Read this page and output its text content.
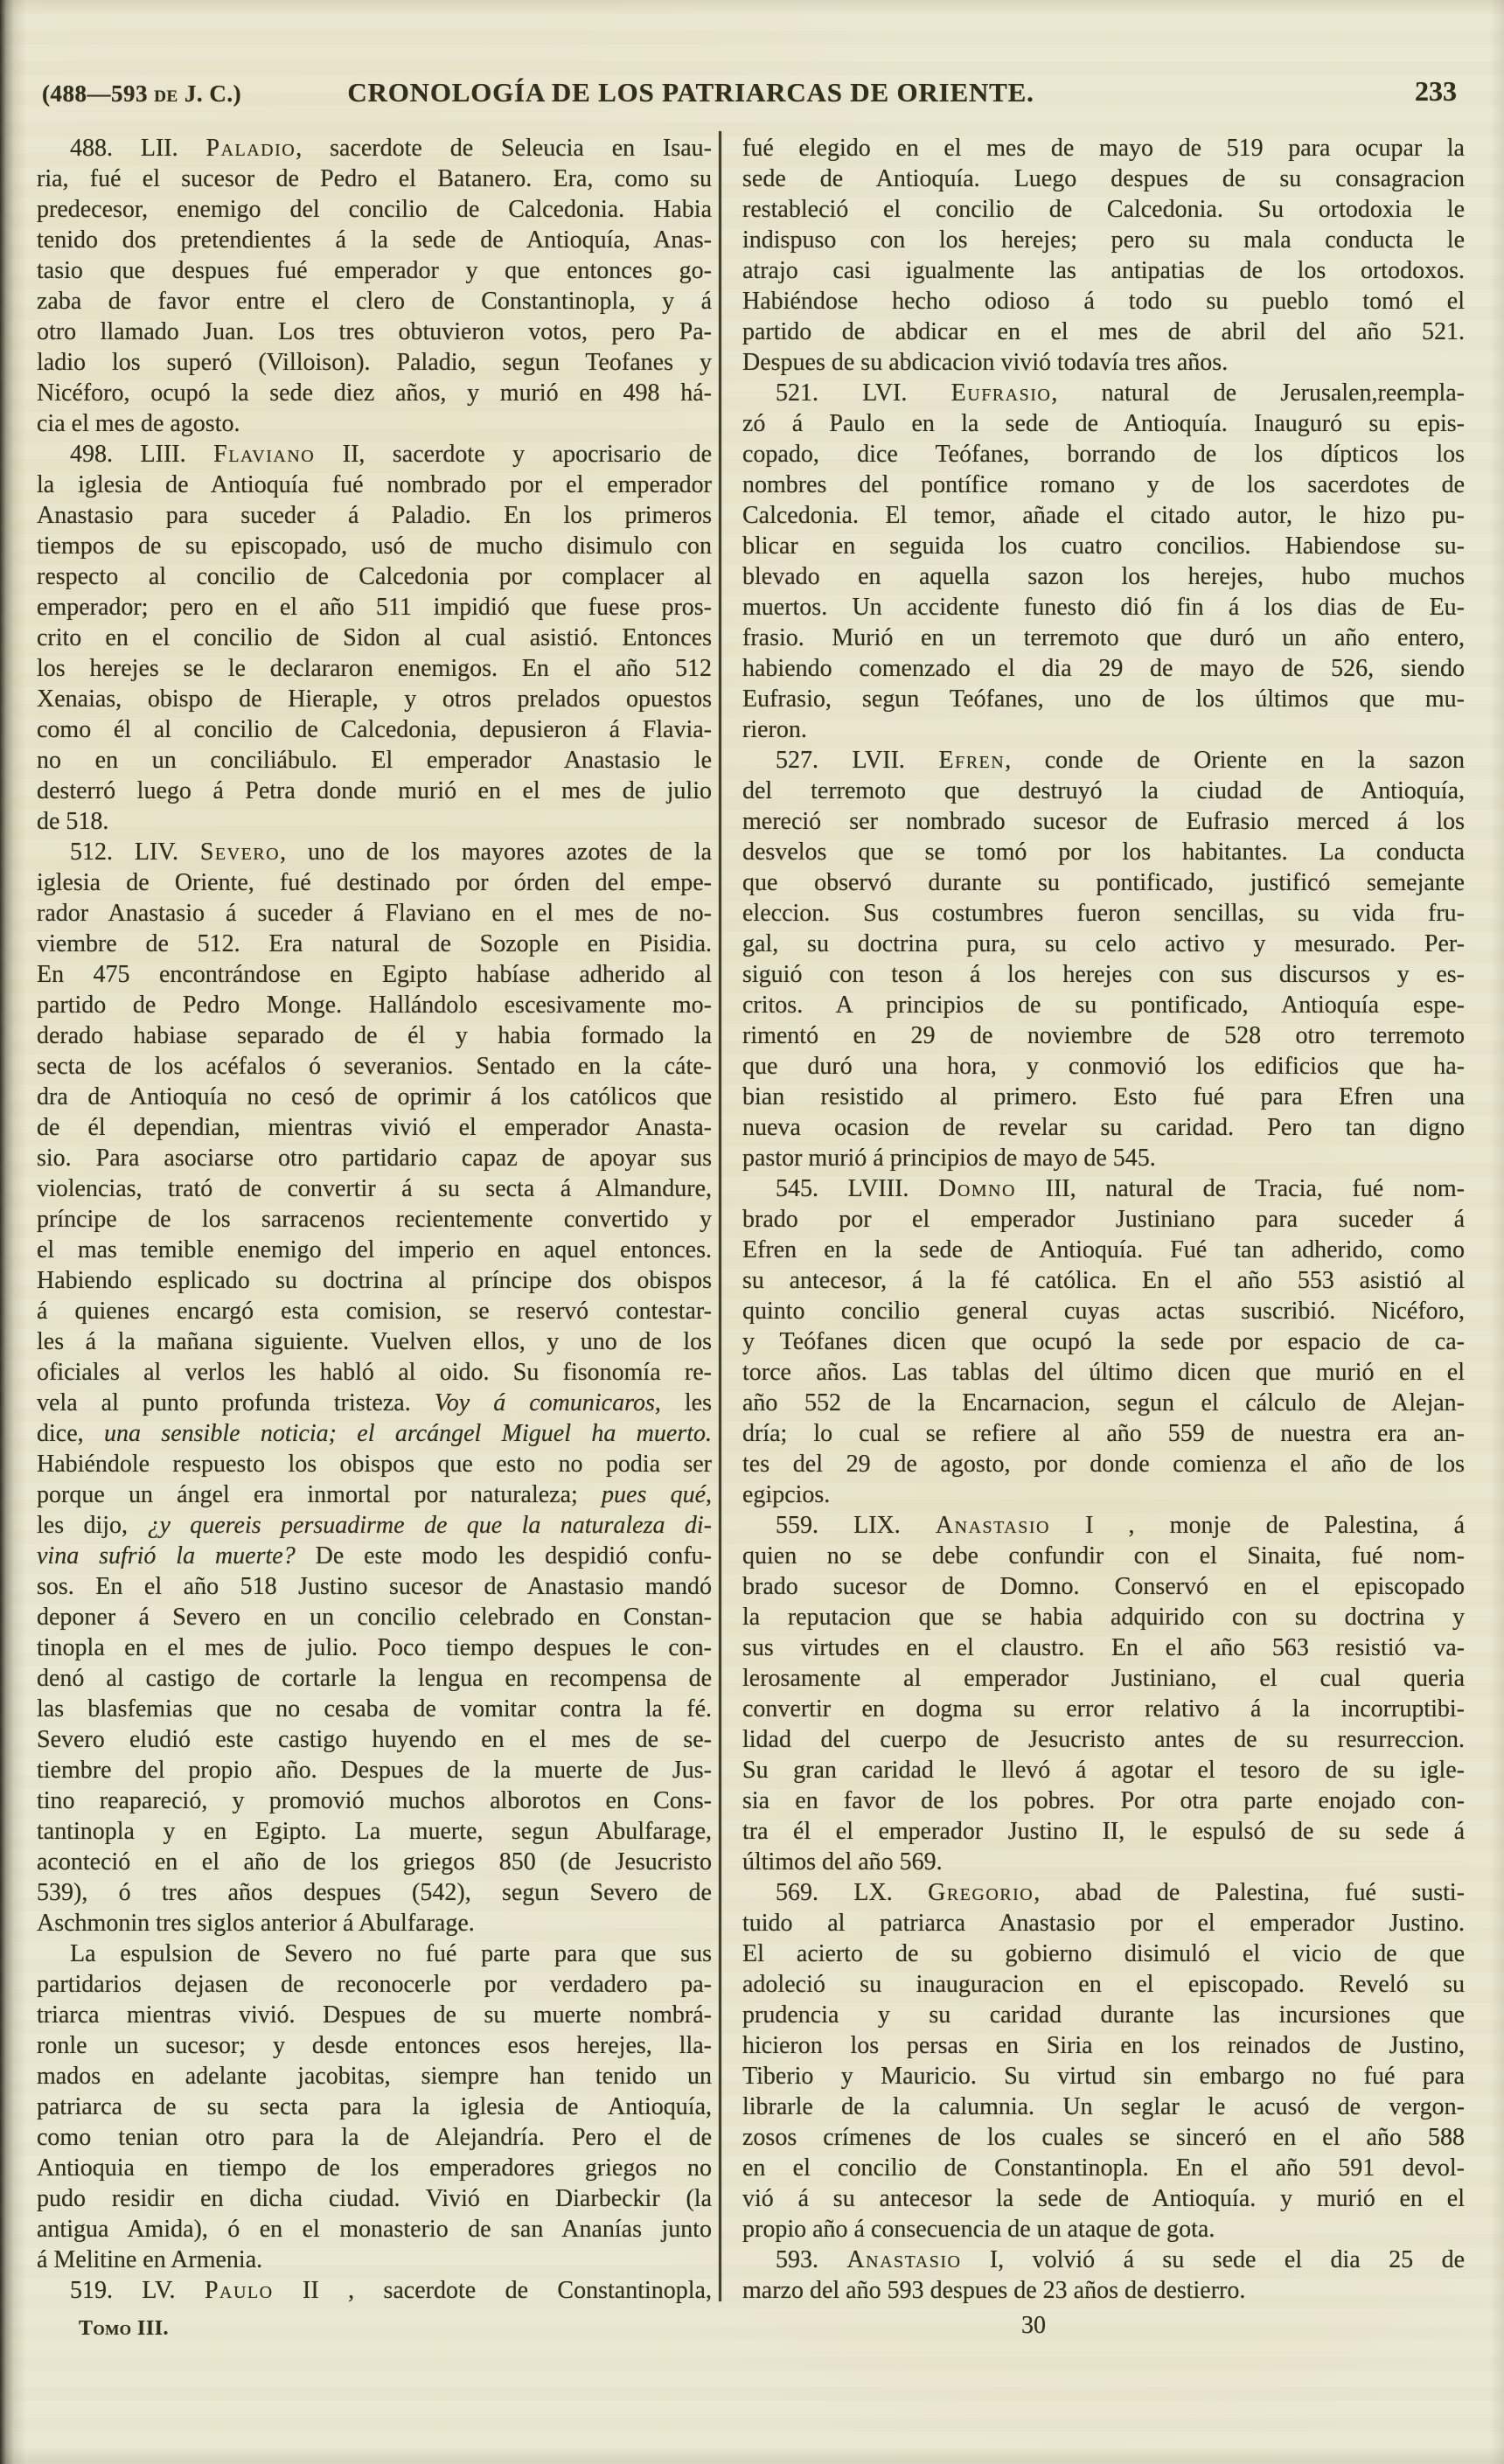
(488—593 de J. C.)	CRONOLOGÍA DE LOS PATRIARCAS DE ORIENTE.	233
488. LII. Paladio, sacerdote de Seleucia en Isau-
ria, fué el sucesor de Pedro el Batanero. Era, como su
predecesor, enemigo del concilio de Calcedonia. Habia
tenido dos pretendientes á la sede de Antioquía, Anas-
tasio que despues fué emperador y que entonces go-
zaba de favor entre el clero de Constantinopla, y á
otro llamado Juan. Los tres obtuvieron votos, pero Pa-
ladio los superó (Villoison). Paladio, segun Teofanes y
Nicéforo, ocupó la sede diez años, y murió en 498 há-
cia el mes de agosto.
498. LIII. Flaviano II, sacerdote y apocrisario de
la iglesia de Antioquía fué nombrado por el emperador
Anastasio para suceder á Paladio. En los primeros
tiempos de su episcopado, usó de mucho disimulo con
respecto al concilio de Calcedonia por complacer al
emperador; pero en el año 511 impidió que fuese pros-
crito en el concilio de Sidon al cual asistió. Entonces
los herejes se le declararon enemigos. En el año 512
Xenaias, obispo de Hieraple, y otros prelados opuestos
como él al concilio de Calcedonia, depusieron á Flavia-
no en un conciliábulo. El emperador Anastasio le
desterró luego á Petra donde murió en el mes de julio
de 518.
512. LIV. Severo, uno de los mayores azotes de la
iglesia de Oriente, fué destinado por órden del empe-
rador Anastasio á suceder á Flaviano en el mes de no-
viembre de 512. Era natural de Sozople en Pisidia.
En 475 encontrándose en Egipto habíase adherido al
partido de Pedro Monge. Hallándolo escesivamente mo-
derado habiase separado de él y habia formado la
secta de los acéfalos ó severanios. Sentado en la cáte-
dra de Antioquía no cesó de oprimir á los católicos que
de él dependian, mientras vivió el emperador Anasta-
sio. Para asociarse otro partidario capaz de apoyar sus
violencias, trató de convertir á su secta á Almandure,
príncipe de los sarracenos recientemente convertido y
el mas temible enemigo del imperio en aquel entonces.
Habiendo esplicado su doctrina al príncipe dos obispos
á quienes encargó esta comision, se reservó contestar-
les á la mañana siguiente. Vuelven ellos, y uno de los
oficiales al verlos les habló al oido. Su fisonomía re-
vela al punto profunda tristeza. Voy á comunicaros, les
dice, una sensible noticia; el arcángel Miguel ha muerto.
Habiéndole respuesto los obispos que esto no podia ser
porque un ángel era inmortal por naturaleza; pues qué,
les dijo, ¿y quereis persuadirme de que la naturaleza di-
vina sufrió la muerte? De este modo les despidió confu-
sos. En el año 518 Justino sucesor de Anastasio mandó
deponer á Severo en un concilio celebrado en Constan-
tinopla en el mes de julio. Poco tiempo despues le con-
denó al castigo de cortarle la lengua en recompensa de
las blasfemias que no cesaba de vomitar contra la fé.
Severo eludió este castigo huyendo en el mes de se-
tiembre del propio año. Despues de la muerte de Jus-
tino reapareció, y promovió muchos alborotos en Cons-
tantinopla y en Egipto. La muerte, segun Abulfarage,
aconteció en el año de los griegos 850 (de Jesucristo
539), ó tres años despues (542), segun Severo de
Aschmonin tres siglos anterior á Abulfarage.
La espulsion de Severo no fué parte para que sus
partidarios dejasen de reconocerle por verdadero pa-
triarca mientras vivió. Despues de su muerte nombrá-
ronle un sucesor; y desde entonces esos herejes, lla-
mados en adelante jacobitas, siempre han tenido un
patriarca de su secta para la iglesia de Antioquía,
como tenian otro para la de Alejandría. Pero el de
Antioquia en tiempo de los emperadores griegos no
pudo residir en dicha ciudad. Vivió en Diarbeckir (la
antigua Amida), ó en el monasterio de san Ananías junto
á Melitine en Armenia.
519. LV. Paulo II , sacerdote de Constantinopla,
fué elegido en el mes de mayo de 519 para ocupar la
sede de Antioquía. Luego despues de su consagracion
restableció el concilio de Calcedonia. Su ortodoxia le
indispuso con los herejes; pero su mala conducta le
atrajo casi igualmente las antipatias de los ortodoxos.
Habiéndose hecho odioso á todo su pueblo tomó el
partido de abdicar en el mes de abril del año 521.
Despues de su abdicacion vivió todavía tres años.
521. LVI. Eufrasio, natural de Jerusalen,reempla-
zó á Paulo en la sede de Antioquía. Inauguró su epis-
copado, dice Teófanes, borrando de los dípticos los
nombres del pontífice romano y de los sacerdotes de
Calcedonia. El temor, añade el citado autor, le hizo pu-
blicar en seguida los cuatro concilios. Habiendose su-
blevado en aquella sazon los herejes, hubo muchos
muertos. Un accidente funesto dió fin á los dias de Eu-
frasio. Murió en un terremoto que duró un año entero,
habiendo comenzado el dia 29 de mayo de 526, siendo
Eufrasio, segun Teófanes, uno de los últimos que mu-
rieron.
527. LVII. Efren, conde de Oriente en la sazon
del terremoto que destruyó la ciudad de Antioquía,
mereció ser nombrado sucesor de Eufrasio merced á los
desvelos que se tomó por los habitantes. La conducta
que observó durante su pontificado, justificó semejante
eleccion. Sus costumbres fueron sencillas, su vida fru-
gal, su doctrina pura, su celo activo y mesurado. Per-
siguió con teson á los herejes con sus discursos y es-
critos. A principios de su pontificado, Antioquía espe-
rimentó en 29 de noviembre de 528 otro terremoto
que duró una hora, y conmovió los edificios que ha-
bian resistido al primero. Esto fué para Efren una
nueva ocasion de revelar su caridad. Pero tan digno
pastor murió á principios de mayo de 545.
545. LVIII. Domno III, natural de Tracia, fué nom-
brado por el emperador Justiniano para suceder á
Efren en la sede de Antioquía. Fué tan adherido, como
su antecesor, á la fé católica. En el año 553 asistió al
quinto concilio general cuyas actas suscribió. Nicéforo,
y Teófanes dicen que ocupó la sede por espacio de ca-
torce años. Las tablas del último dicen que murió en el
año 552 de la Encarnacion, segun el cálculo de Alejan-
dría; lo cual se refiere al año 559 de nuestra era an-
tes del 29 de agosto, por donde comienza el año de los
egipcios.
559. LIX. Anastasio I , monje de Palestina, á
quien no se debe confundir con el Sinaita, fué nom-
brado sucesor de Domno. Conservó en el episcopado
la reputacion que se habia adquirido con su doctrina y
sus virtudes en el claustro. En el año 563 resistió va-
lerosamente al emperador Justiniano, el cual queria
convertir en dogma su error relativo á la incorruptibi-
lidad del cuerpo de Jesucristo antes de su resurreccion.
Su gran caridad le llevó á agotar el tesoro de su igle-
sia en favor de los pobres. Por otra parte enojado con-
tra él el emperador Justino II, le espulsó de su sede á
últimos del año 569.
569. LX. Gregorio, abad de Palestina, fué susti-
tuido al patriarca Anastasio por el emperador Justino.
El acierto de su gobierno disimuló el vicio de que
adoleció su inauguracion en el episcopado. Reveló su
prudencia y su caridad durante las incursiones que
hicieron los persas en Siria en los reinados de Justino,
Tiberio y Mauricio. Su virtud sin embargo no fué para
librarle de la calumnia. Un seglar le acusó de vergon-
zosos crímenes de los cuales se sinceró en el año 588
en el concilio de Constantinopla. En el año 591 devol-
vió á su antecesor la sede de Antioquía. y murió en el
propio año á consecuencia de un ataque de gota.
593. Anastasio I, volvió á su sede el dia 25 de
marzo del año 593 despues de 23 años de destierro.
Tomo III.	30
